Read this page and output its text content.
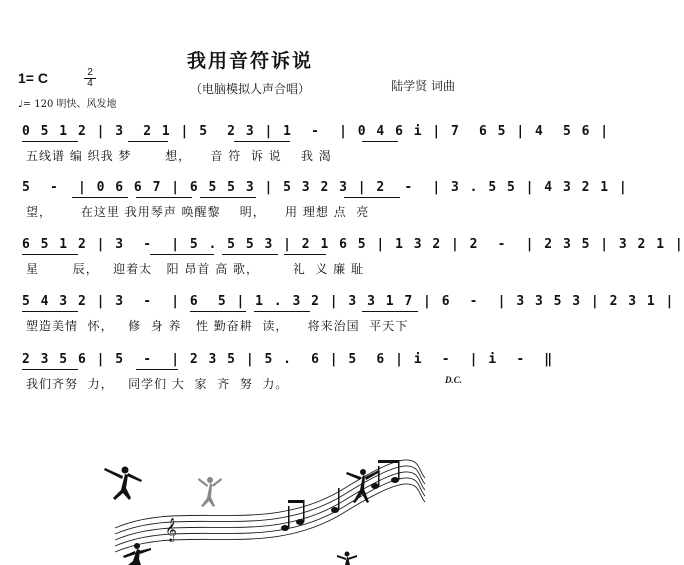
我用音符诉说
（电脑模拟人声合唱）	陆学贤 词曲
1= C	2
4
♩= 120 明快、风发地
0 5 1 2 | 3  2 1 | 5  2 3 | 1  -  | 0 4 6 i | 7  6 5 | 4  5 6 |
五线谱 编 织我 梦       想，    音 符  诉 说    我 渴
5  -  | 0 6 6 7 | 6 5 5 3 | 5 3 2 3 | 2  -  | 3 . 5 5 | 4 3 2 1 |
望，      在这里 我用琴声 唤醒黎    明，    用 理想 点  亮
6 5 1 2 | 3  -  | 5 . 5 5 3 | 2 1 6 5 | 1 3 2 | 2  -  | 2 3 5 | 3 2 1 |
星       辰，   迎着太   阳 昂首 高 歌，       礼  义 廉 耻
5 4 3 2 | 3  -  | 6  5 | 1 . 3 2 | 3 3 1 7 | 6  -  | 3 3 5 3 | 2 3 1 |
塑造美情  怀，   修  身 养   性 勤奋耕  读，    将来治国  平天下
2 3 5 6 | 5  -  | 2 3 5 | 5 .  6 | 5  6 | i  -  | i  -  ‖
我们齐努  力，   同学们 大  家  齐  努  力。	D.C.
𝄞
